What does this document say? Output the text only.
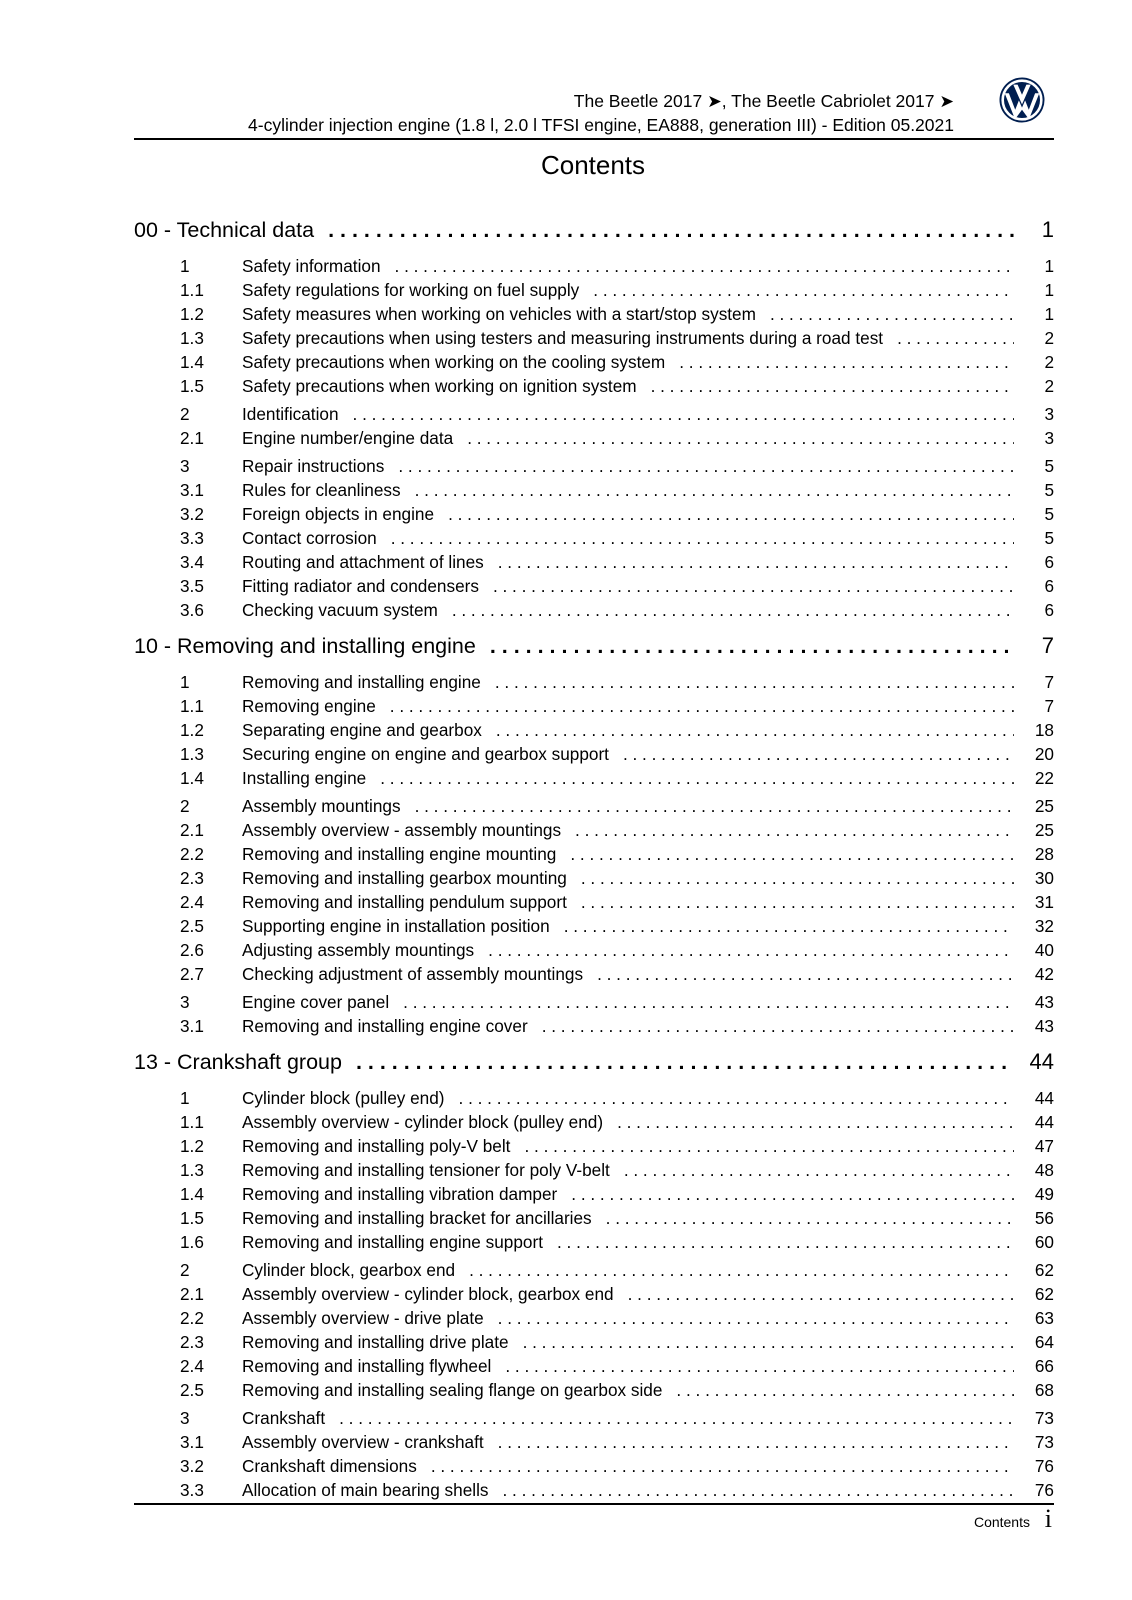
The Beetle 2017 ➤, The Beetle Cabriolet 2017 ➤
4-cylinder injection engine (1.8 l, 2.0 l TFSI engine, EA888, generation III) - Edition 05.2021
Contents
00 - Technical data . . .	1
1	Safety information . . .	1
1.1	Safety regulations for working on fuel supply . . .	1
1.2	Safety measures when working on vehicles with a start/stop system . . .	1
1.3	Safety precautions when using testers and measuring instruments during a road test . . .	2
1.4	Safety precautions when working on the cooling system . . .	2
1.5	Safety precautions when working on ignition system . . .	2
2	Identification . . .	3
2.1	Engine number/engine data . . .	3
3	Repair instructions . . .	5
3.1	Rules for cleanliness . . .	5
3.2	Foreign objects in engine . . .	5
3.3	Contact corrosion . . .	5
3.4	Routing and attachment of lines . . .	6
3.5	Fitting radiator and condensers . . .	6
3.6	Checking vacuum system . . .	6
10 - Removing and installing engine . . .	7
1	Removing and installing engine . . .	7
1.1	Removing engine . . .	7
1.2	Separating engine and gearbox . . .	18
1.3	Securing engine on engine and gearbox support . . .	20
1.4	Installing engine . . .	22
2	Assembly mountings . . .	25
2.1	Assembly overview - assembly mountings . . .	25
2.2	Removing and installing engine mounting . . .	28
2.3	Removing and installing gearbox mounting . . .	30
2.4	Removing and installing pendulum support . . .	31
2.5	Supporting engine in installation position . . .	32
2.6	Adjusting assembly mountings . . .	40
2.7	Checking adjustment of assembly mountings . . .	42
3	Engine cover panel . . .	43
3.1	Removing and installing engine cover . . .	43
13 - Crankshaft group . . .	44
1	Cylinder block (pulley end) . . .	44
1.1	Assembly overview - cylinder block (pulley end) . . .	44
1.2	Removing and installing poly-V belt . . .	47
1.3	Removing and installing tensioner for poly V-belt . . .	48
1.4	Removing and installing vibration damper . . .	49
1.5	Removing and installing bracket for ancillaries . . .	56
1.6	Removing and installing engine support . . .	60
2	Cylinder block, gearbox end . . .	62
2.1	Assembly overview - cylinder block, gearbox end . . .	62
2.2	Assembly overview - drive plate . . .	63
2.3	Removing and installing drive plate . . .	64
2.4	Removing and installing flywheel . . .	66
2.5	Removing and installing sealing flange on gearbox side . . .	68
3	Crankshaft . . .	73
3.1	Assembly overview - crankshaft . . .	73
3.2	Crankshaft dimensions . . .	76
3.3	Allocation of main bearing shells . . .	76
Contents i
